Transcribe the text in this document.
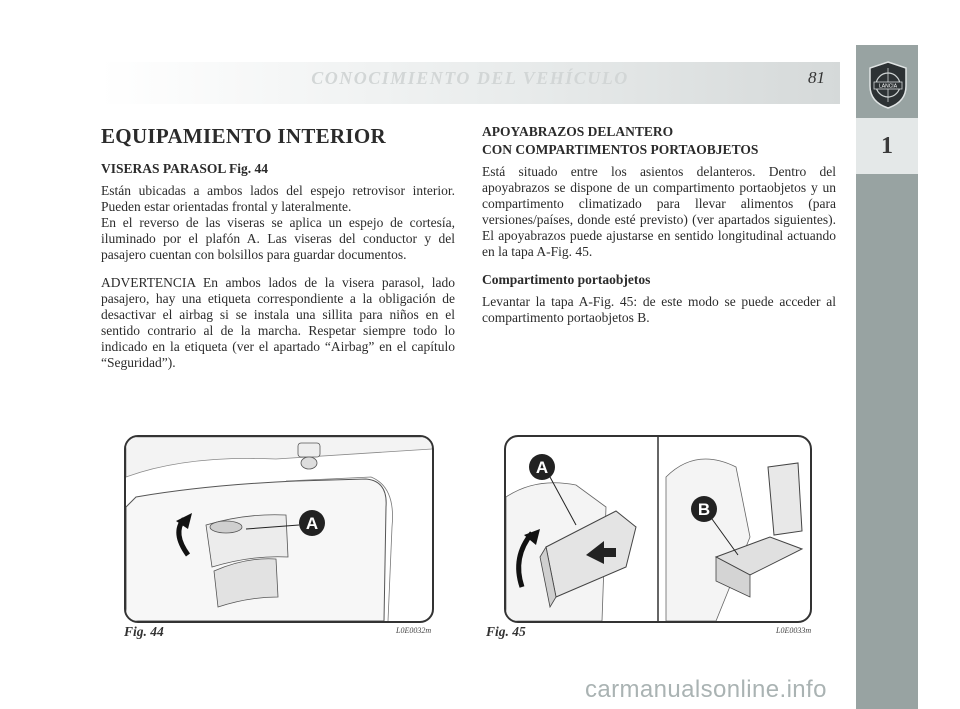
CONOCIMIENTO DEL VEHÍCULO	81	LANCIA
1
EQUIPAMIENTO INTERIOR
VISERAS PARASOL Fig. 44

Están ubicadas a ambos lados del espejo retrovisor interior. Pueden estar orientadas frontal y lateralmente.

En el reverso de las viseras se aplica un espejo de cortesía, iluminado por el plafón A. Las viseras del conductor y del pasajero cuentan con bolsillos para guardar documentos.

ADVERTENCIA En ambos lados de la visera parasol, lado pasajero, hay una etiqueta correspondiente a la obligación de desactivar el airbag si se instala una sillita para niños en el sentido contrario al de la marcha. Respetar siempre todo lo indicado en la etiqueta (ver el apartado “Airbag” en el capítulo “Seguridad”).

APOYABRAZOS DELANTERO
CON COMPARTIMENTOS PORTAOBJETOS

Está situado entre los asientos delanteros. Dentro del apoyabrazos se dispone de un compartimento portaobjetos y un compartimento climatizado para llevar alimentos (para versiones/países, donde esté previsto) (ver apartados siguientes). El apoyabrazos puede ajustarse en sentido longitudinal actuando en la tapa A-Fig. 45.

Compartimento portaobjetos

Levantar la tapa A-Fig. 45: de este modo se puede acceder al compartimento portaobjetos B.

A
Fig. 44	L0E0032m
A
B
Fig. 45	L0E0033m
carmanualsonline.info
